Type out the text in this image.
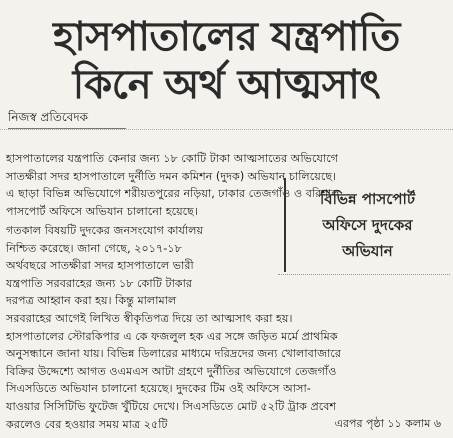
হাসপাতালের যন্ত্রপাতি
কিনে অর্থ আত্মসাৎ
নিজস্ব প্রতিবেদক
হাসপাতালের যন্ত্রপাতি কেনার জন্য ১৮ কোটি টাকা আত্মসাতের অভিযোগে
সাতক্ষীরা সদর হাসপাতালে দুর্নীতি দমন কমিশন (দুদক) অভিযান চালিয়েছে।
এ ছাড়া বিভিন্ন অভিযোগে শরীয়তপুরের নড়িয়া, ঢাকার তেজগাঁও ও বরিশাল
পাসপোর্ট অফিসে অভিযান চালানো হয়েছে।
গতকাল বিষয়টি দুদকের জনসংযোগ কার্যালয়
নিশ্চিত করেছে। জানা গেছে, ২০১৭-১৮
অর্থবছরে সাতক্ষীরা সদর হাসপাতালে ভারী
যন্ত্রপাতি সরবরাহের জন্য ১৮ কোটি টাকার
দরপত্র আহ্বান করা হয়। কিন্তু মালামাল
বিভিন্ন পাসপোর্ট
অফিসে দুদকের
অভিযান
সরবরাহের আগেই লিখিত স্বীকৃতিপত্র দিয়ে তা আত্মসাৎ করা হয়।
হাসপাতালের স্টোরকিপার এ কে ফজলুল হক এর সঙ্গে জড়িত মর্মে প্রাথমিক
অনুসন্ধানে জানা যায়। বিভিন্ন ডিলারের মাধ্যমে দরিদ্রদের জন্য খোলাবাজারে
বিক্রির উদ্দেশ্যে আগত ওএমএস আটা গ্রহণে দুর্নীতির অভিযোগে তেজগাঁও
সিএসডিতে অভিযান চালানো হয়েছে। দুদকের টিম ওই অফিসে আসা-
যাওয়ার সিসিটিভি ফুটেজ খুঁটিয়ে দেখে। সিএসডিতে মোট ৫২টি ট্রাক প্রবেশ
করলেও বের হওয়ার সময় মাত্র ২৫টি	এরপর পৃষ্ঠা ১১ কলাম ৬
